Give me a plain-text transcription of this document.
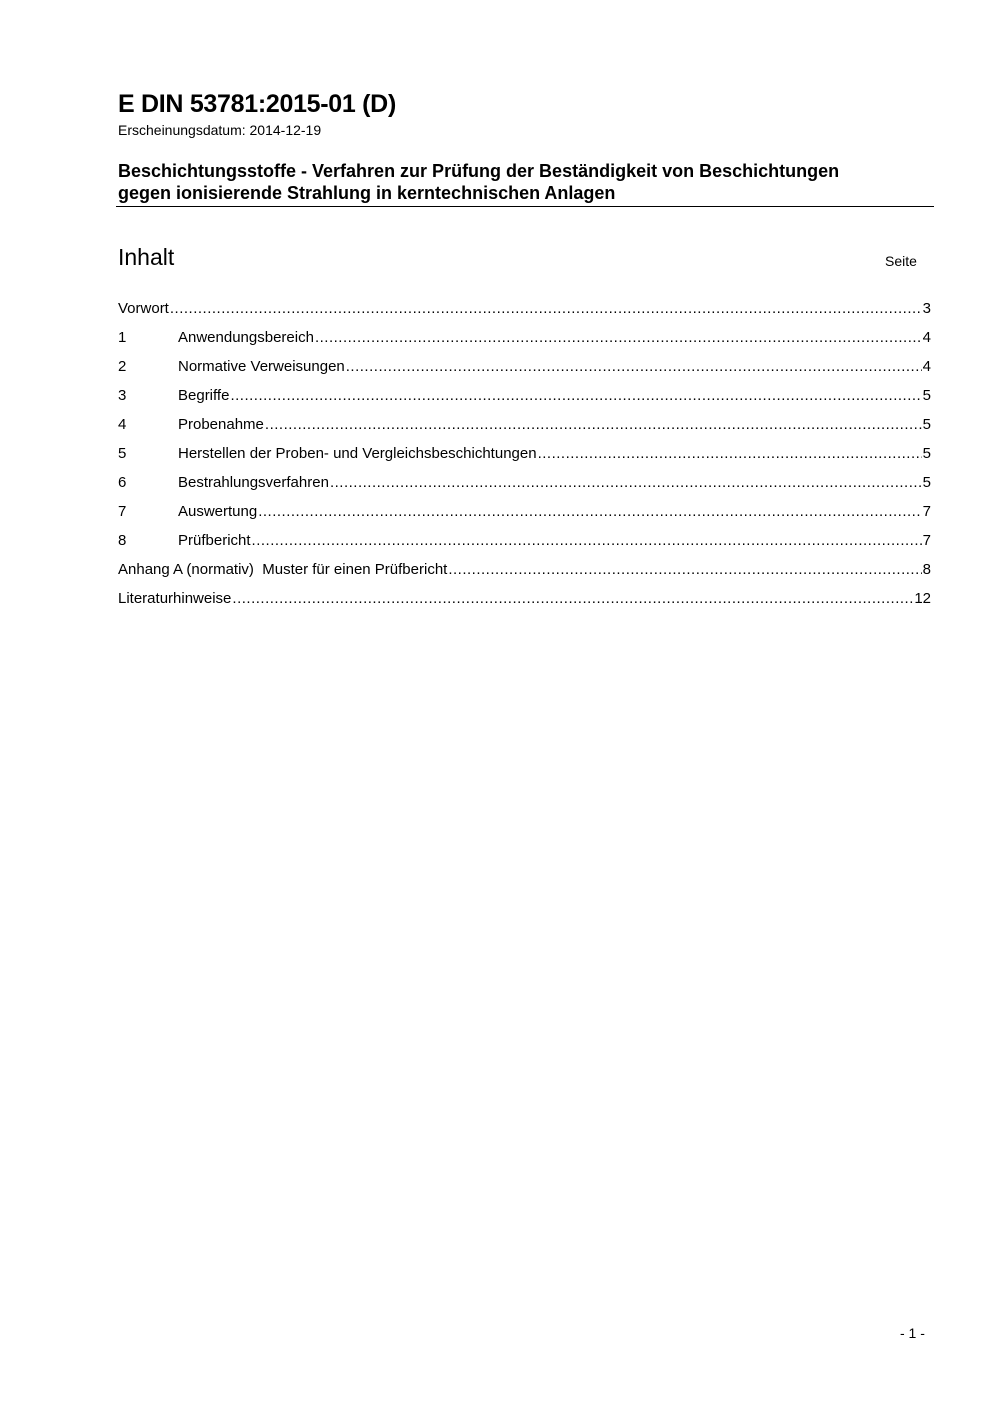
E DIN 53781:2015-01 (D)
Erscheinungsdatum: 2014-12-19
Beschichtungsstoffe - Verfahren zur Prüfung der Beständigkeit von Beschichtungen
gegen ionisierende Strahlung in kerntechnischen Anlagen
Inhalt	Seite
Vorwort .....	3
1	Anwendungsbereich .....	4
2	Normative Verweisungen .....	4
3	Begriffe .....	5
4	Probenahme .....	5
5	Herstellen der Proben- und Vergleichsbeschichtungen .....	5
6	Bestrahlungsverfahren .....	5
7	Auswertung .....	7
8	Prüfbericht .....	7
Anhang A (normativ)  Muster für einen Prüfbericht .....	8
Literaturhinweise .....	12
- 1 -
